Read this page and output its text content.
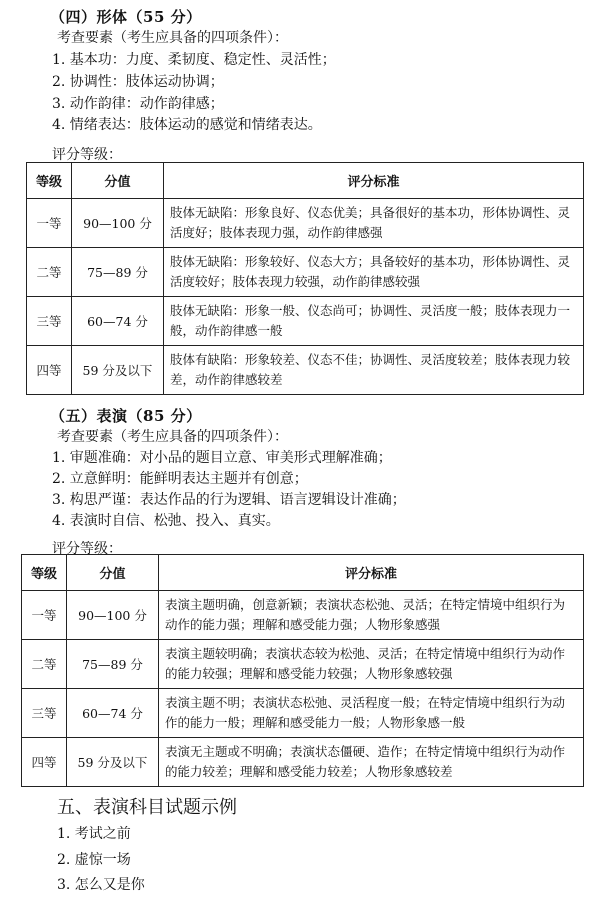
（四）形体（55 分）
考查要素（考生应具备的四项条件）：
1. 基本功：力度、柔韧度、稳定性、灵活性；
2. 协调性：肢体运动协调；
3. 动作韵律：动作韵律感；
4. 情绪表达：肢体运动的感觉和情绪表达。
评分等级：
等级	分值	评分标准
一等	90—100 分	肢体无缺陷：形象良好、仪态优美；具备很好的基本功，形体协调性、灵活度好；肢体表现力强，动作韵律感强
二等	75—89 分	肢体无缺陷：形象较好、仪态大方；具备较好的基本功，形体协调性、灵活度较好；肢体表现力较强，动作韵律感较强
三等	60—74 分	肢体无缺陷：形象一般、仪态尚可；协调性、灵活度一般；肢体表现力一般，动作韵律感一般
四等	59 分及以下	肢体有缺陷：形象较差、仪态不佳；协调性、灵活度较差；肢体表现力较差，动作韵律感较差
（五）表演（85 分）
考查要素（考生应具备的四项条件）：
1. 审题准确：对小品的题目立意、审美形式理解准确；
2. 立意鲜明：能鲜明表达主题并有创意；
3. 构思严谨：表达作品的行为逻辑、语言逻辑设计准确；
4. 表演时自信、松弛、投入、真实。
评分等级：
等级	分值	评分标准
一等	90—100 分	表演主题明确，创意新颖；表演状态松弛、灵活；在特定情境中组织行为动作的能力强；理解和感受能力强；人物形象感强
二等	75—89 分	表演主题较明确；表演状态较为松弛、灵活；在特定情境中组织行为动作的能力较强；理解和感受能力较强；人物形象感较强
三等	60—74 分	表演主题不明；表演状态松弛、灵活程度一般；在特定情境中组织行为动作的能力一般；理解和感受能力一般；人物形象感一般
四等	59 分及以下	表演无主题或不明确；表演状态僵硬、造作；在特定情境中组织行为动作的能力较差；理解和感受能力较差；人物形象感较差
五、表演科目试题示例
1. 考试之前
2. 虚惊一场
3. 怎么又是你
